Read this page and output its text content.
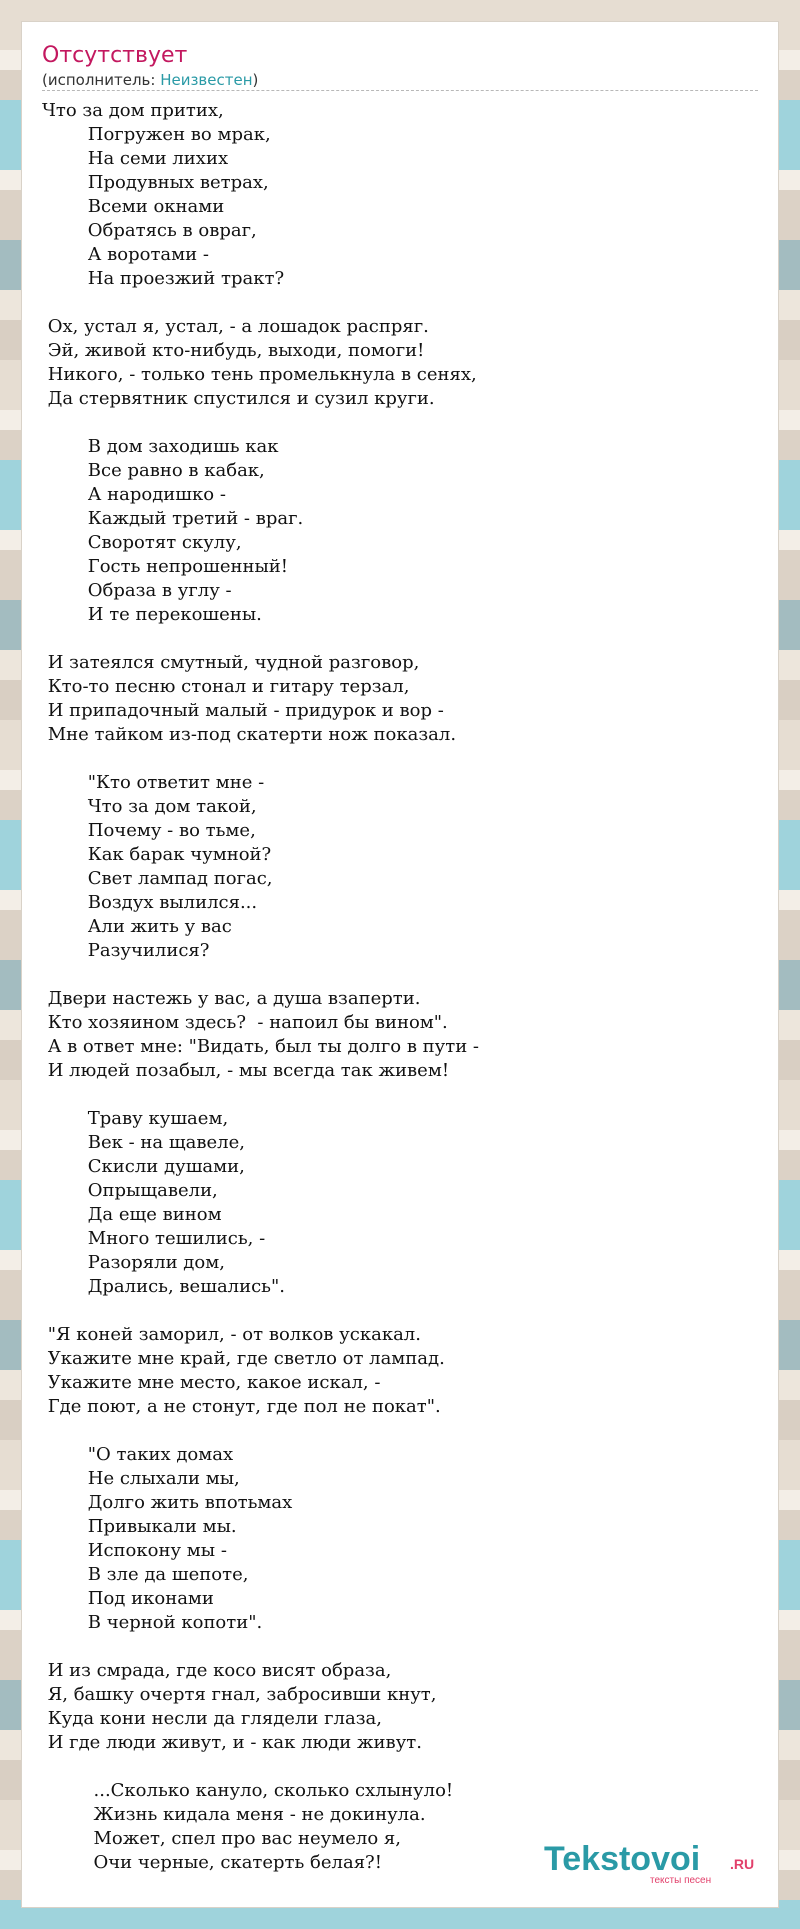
Отсутствует
(исполнитель: Неизвестен)
Что за дом притих,
Погружен во мрак,
На семи лихих
Продувных ветрах,
Всеми окнами
Обратясь в овраг,
А воротами -
На проезжий тракт?

Ох, устал я, устал, - а лошадок распряг.
Эй, живой кто-нибудь, выходи, помоги!
Никого, - только тень промелькнула в сенях,
Да стервятник спустился и сузил круги.

В дом заходишь как
Все равно в кабак,
А народишко -
Каждый третий - враг.
Своротят скулу,
Гость непрошенный!
Образа в углу -
И те перекошены.

И затеялся смутный, чудной разговор,
Кто-то песню стонал и гитару терзал,
И припадочный малый - придурок и вор -
Мне тайком из-под скатерти нож показал.

"Кто ответит мне -
Что за дом такой,
Почему - во тьме,
Как барак чумной?
Свет лампад погас,
Воздух вылился...
Али жить у вас
Разучилися?

Двери настежь у вас, а душа взаперти.
Кто хозяином здесь?  - напоил бы вином".
А в ответ мне: "Видать, был ты долго в пути -
И людей позабыл, - мы всегда так живем!

Траву кушаем,
Век - на щавеле,
Скисли душами,
Опрыщавели,
Да еще вином
Много тешились, -
Разоряли дом,
Дрались, вешались".

"Я коней заморил, - от волков ускакал.
Укажите мне край, где светло от лампад.
Укажите мне место, какое искал, -
Где поют, а не стонут, где пол не покат".

"О таких домах
Не слыхали мы,
Долго жить впотьмах
Привыкали мы.
Испокону мы -
В зле да шепоте,
Под иконами
В черной копоти".

И из смрада, где косо висят образа,
Я, башку очертя гнал, забросивши кнут,
Куда кони несли да глядели глаза,
И где люди живут, и - как люди живут.

...Сколько кануло, сколько схлынуло!
Жизнь кидала меня - не докинула.
Может, спел про вас неумело я,
Очи черные, скатерть белая?!	Tekstovoi .RU
тексты песен
